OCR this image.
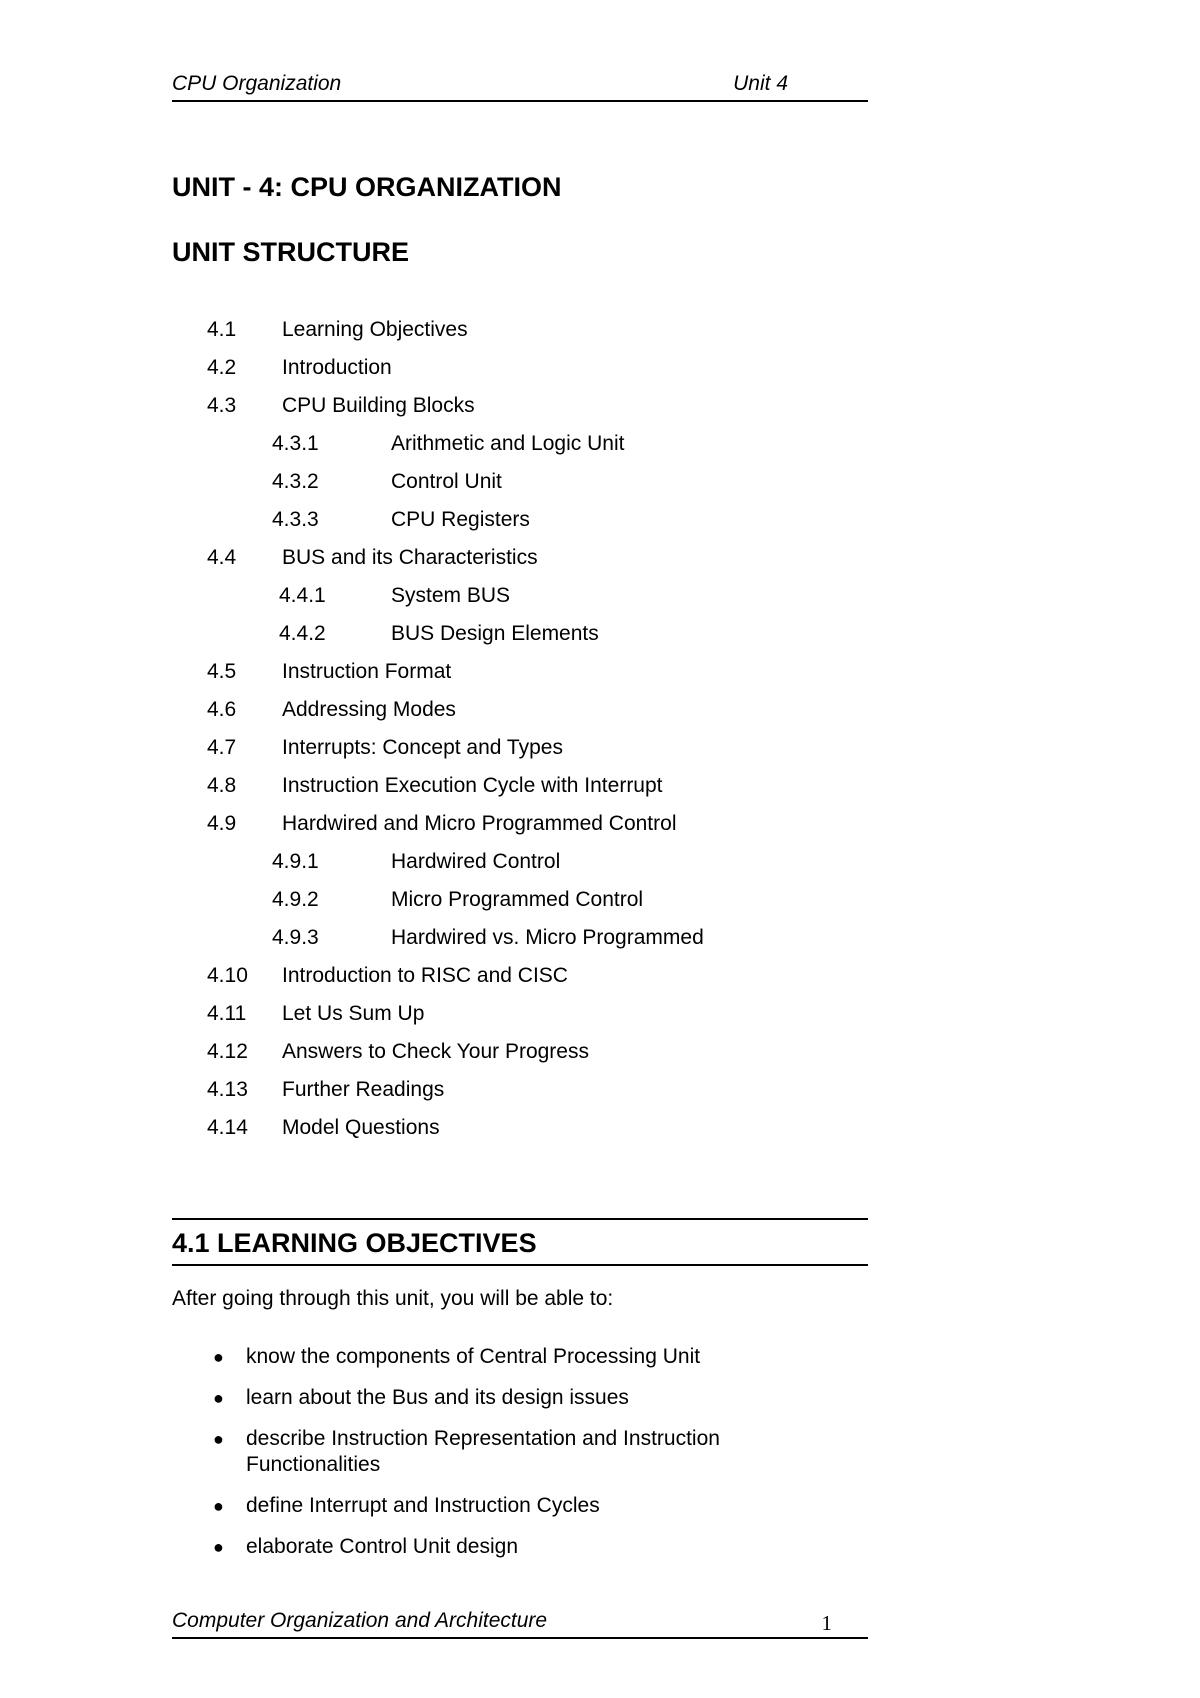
CPU Organization	Unit 4
UNIT - 4: CPU ORGANIZATION
UNIT STRUCTURE
4.1 Learning Objectives
4.2 Introduction
4.3 CPU Building Blocks
4.3.1	Arithmetic and Logic Unit
4.3.2	Control Unit
4.3.3	CPU Registers
4.4 BUS and its Characteristics
4.4.1	System BUS
4.4.2	BUS Design Elements
4.5 Instruction Format
4.6 Addressing Modes
4.7 Interrupts: Concept and Types
4.8 Instruction Execution Cycle with Interrupt
4.9 Hardwired and Micro Programmed Control
4.9.1	Hardwired Control
4.9.2	Micro Programmed Control
4.9.3	Hardwired vs. Micro Programmed
4.10 Introduction to RISC and CISC
4.11 Let Us Sum Up
4.12 Answers to Check Your Progress
4.13 Further Readings
4.14 Model Questions
4.1 LEARNING OBJECTIVES
After going through this unit, you will be able to:
● know the components of Central Processing Unit
● learn about the Bus and its design issues
● describe Instruction Representation and Instruction Functionalities
● define Interrupt and Instruction Cycles
● elaborate Control Unit design
Computer Organization and Architecture	1
